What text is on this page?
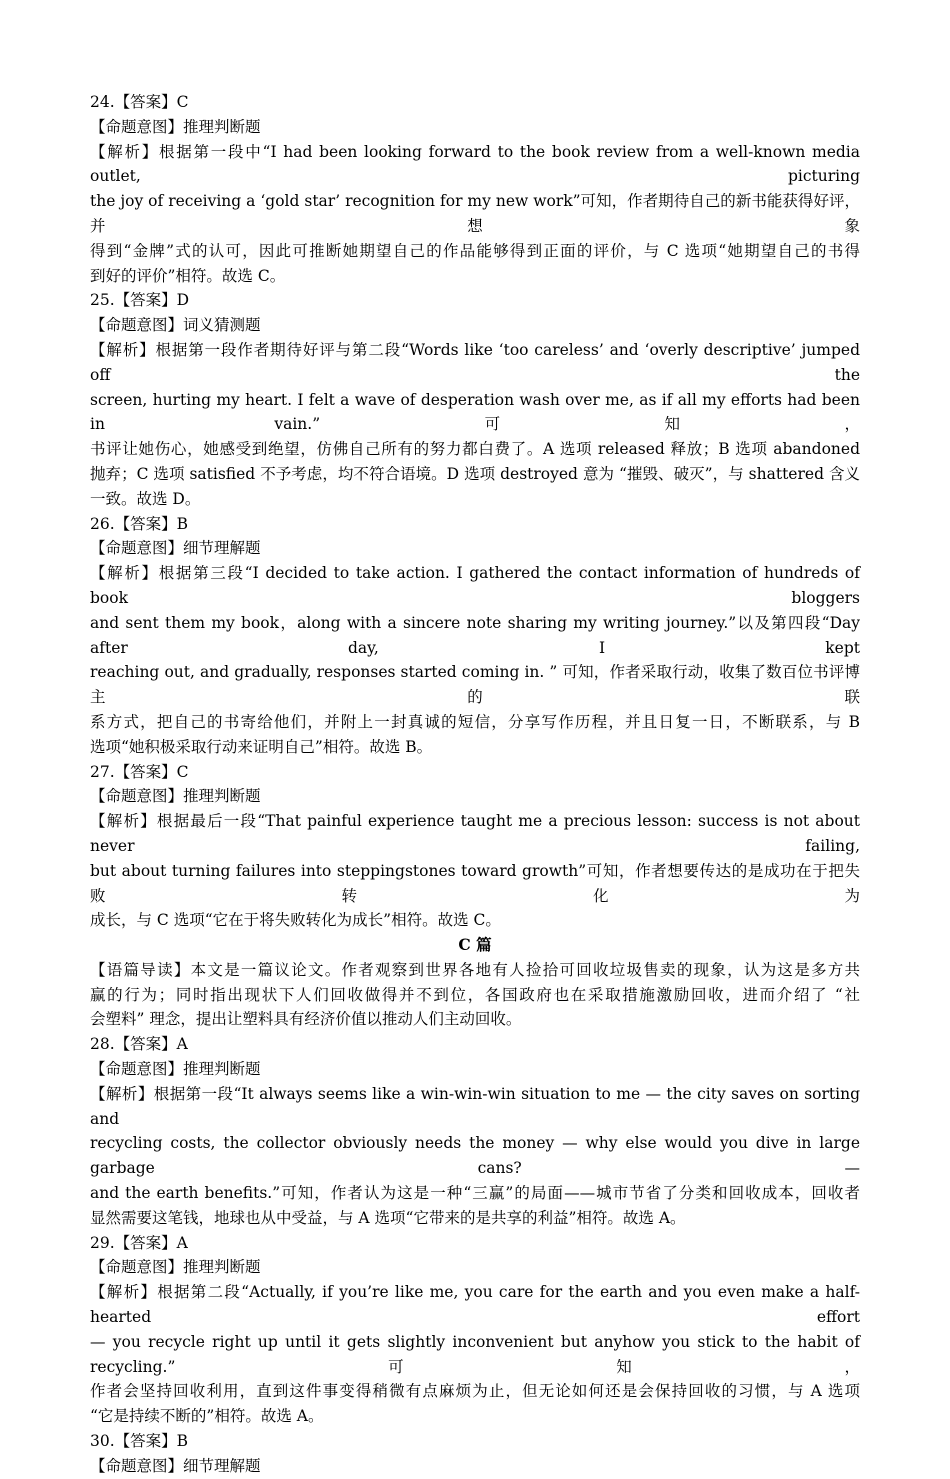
24.【答案】C

【命题意图】推理判断题

【解析】根据第一段中“I had been looking forward to the book review from a well-known media outlet, picturing

the joy of receiving a ‘gold star’ recognition for my new work”可知，作者期待自己的新书能获得好评，并想象

得到“金牌”式的认可，因此可推断她期望自己的作品能够得到正面的评价，与 C 选项“她期望自己的书得

到好的评价”相符。故选 C。

25.【答案】D

【命题意图】词义猜测题

【解析】根据第一段作者期待好评与第二段“Words like ‘too careless’ and ‘overly descriptive’ jumped off the

screen, hurting my heart. I felt a wave of desperation wash over me, as if all my efforts had been in vain.”可知，

书评让她伤心，她感受到绝望，仿佛自己所有的努力都白费了。A 选项 released 释放；B 选项 abandoned

抛弃；C 选项 satisfied 不予考虑，均不符合语境。D 选项 destroyed 意为 “摧毁、破灭”，与 shattered 含义

一致。故选 D。

26.【答案】B

【命题意图】细节理解题

【解析】根据第三段“I decided to take action. I gathered the contact information of hundreds of book bloggers

and sent them my book，along with a sincere note sharing my writing journey.”以及第四段“Day after day, I kept

reaching out, and gradually, responses started coming in. ” 可知，作者采取行动，收集了数百位书评博主的联

系方式，把自己的书寄给他们，并附上一封真诚的短信，分享写作历程，并且日复一日，不断联系，与 B

选项“她积极采取行动来证明自己”相符。故选 B。

27.【答案】C

【命题意图】推理判断题

【解析】根据最后一段“That painful experience taught me a precious lesson: success is not about never failing,

but about turning failures into steppingstones toward growth”可知，作者想要传达的是成功在于把失败转化为

成长，与 C 选项“它在于将失败转化为成长”相符。故选 C。

C 篇

【语篇导读】本文是一篇议论文。作者观察到世界各地有人捡拾可回收垃圾售卖的现象，认为这是多方共

赢的行为；同时指出现状下人们回收做得并不到位，各国政府也在采取措施激励回收，进而介绍了 “社

会塑料” 理念，提出让塑料具有经济价值以推动人们主动回收。

28.【答案】A

【命题意图】推理判断题

【解析】根据第一段“It always seems like a win-win-win situation to me — the city saves on sorting and

recycling costs, the collector obviously needs the money — why else would you dive in large garbage cans? —

and the earth benefits.”可知，作者认为这是一种“三赢”的局面——城市节省了分类和回收成本，回收者

显然需要这笔钱，地球也从中受益，与 A 选项“它带来的是共享的利益”相符。故选 A。

29.【答案】A

【命题意图】推理判断题

【解析】根据第二段“Actually, if you’re like me, you care for the earth and you even make a half-hearted effort

— you recycle right up until it gets slightly inconvenient but anyhow you stick to the habit of recycling.”可知，

作者会坚持回收利用，直到这件事变得稍微有点麻烦为止，但无论如何还是会保持回收的习惯，与 A 选项

“它是持续不断的”相符。故选 A。

30.【答案】B

【命题意图】细节理解题
